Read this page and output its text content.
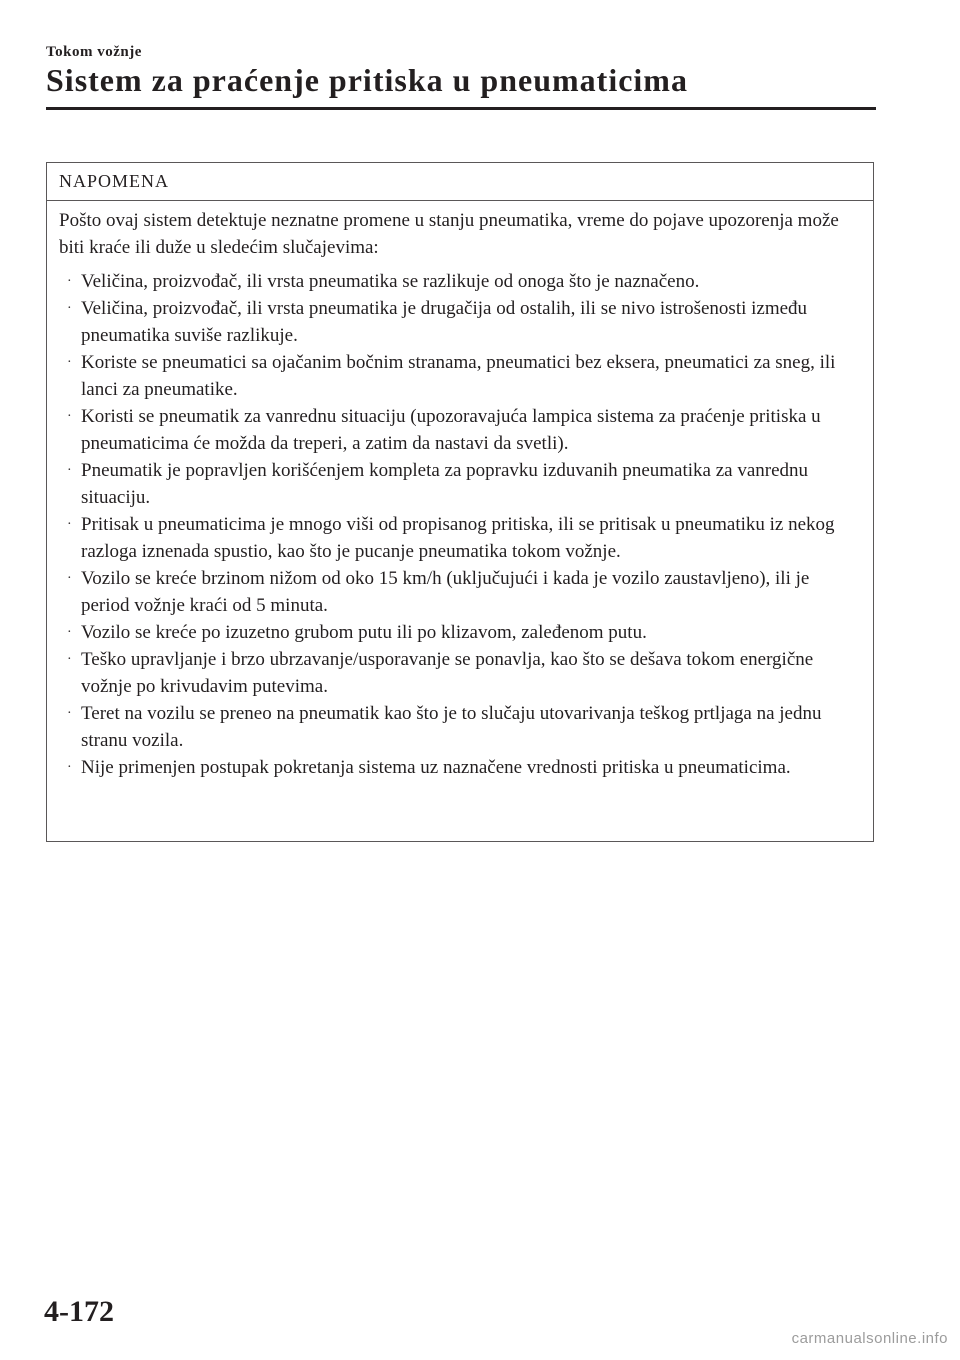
Tokom vožnje
Sistem za praćenje pritiska u pneumaticima
NAPOMENA

Pošto ovaj sistem detektuje neznatne promene u stanju pneumatika, vreme do pojave upozorenja može biti kraće ili duže u sledećim slučajevima:

· Veličina, proizvođač, ili vrsta pneumatika se razlikuje od onoga što je naznačeno.
· Veličina, proizvođač, ili vrsta pneumatika je drugačija od ostalih, ili se nivo istrošenosti između pneumatika suviše razlikuje.
· Koriste se pneumatici sa ojačanim bočnim stranama, pneumatici bez eksera, pneumatici za sneg, ili lanci za pneumatike.
· Koristi se pneumatik za vanrednu situaciju (upozoravajuća lampica sistema za praćenje pritiska u pneumaticima će možda da treperi, a zatim da nastavi da svetli).
· Pneumatik je popravljen korišćenjem kompleta za popravku izduvanih pneumatika za vanrednu situaciju.
· Pritisak u pneumaticima je mnogo viši od propisanog pritiska, ili se pritisak u pneumatiku iz nekog razloga iznenada spustio, kao što je pucanje pneumatika tokom vožnje.
· Vozilo se kreće brzinom nižom od oko 15 km/h (uključujući i kada je vozilo zaustavljeno), ili je period vožnje kraći od 5 minuta.
· Vozilo se kreće po izuzetno grubom putu ili po klizavom, zaleđenom putu.
· Teško upravljanje i brzo ubrzavanje/usporavanje se ponavlja, kao što se dešava tokom energične vožnje po krivudavim putevima.
· Teret na vozilu se preneo na pneumatik kao što je to slučaju utovarivanja teškog prtljaga na jednu stranu vozila.
· Nije primenjen postupak pokretanja sistema uz naznačene vrednosti pritiska u pneumaticima.
4-172
carmanualsonline.info
